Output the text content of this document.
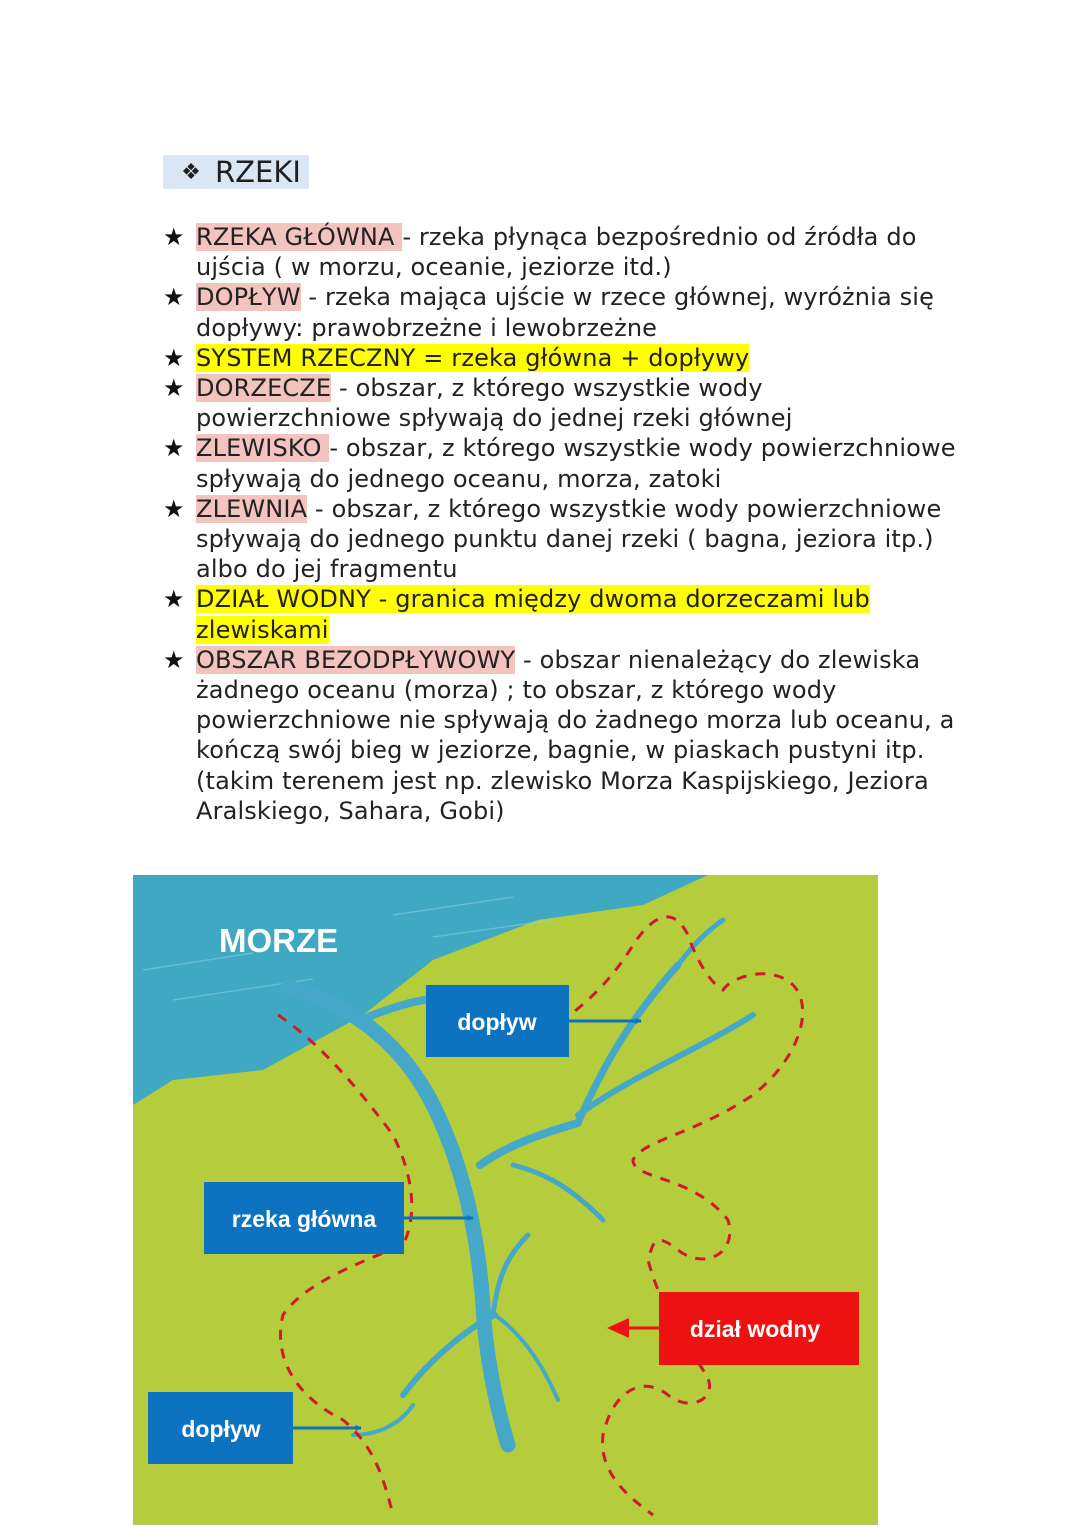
❖ RZEKI
★ RZEKA GŁÓWNA - rzeka płynąca bezpośrednio od źródła do ujścia ( w morzu, oceanie, jeziorze itd.)
★ DOPŁYW - rzeka mająca ujście w rzece głównej, wyróżnia się dopływy: prawobrzeżne i lewobrzeżne
★ SYSTEM RZECZNY = rzeka główna + dopływy
★ DORZECZE - obszar, z którego wszystkie wody powierzchniowe spływają do jednej rzeki głównej
★ ZLEWISKO - obszar, z którego wszystkie wody powierzchniowe spływają do jednego oceanu, morza, zatoki
★ ZLEWNIA - obszar, z którego wszystkie wody powierzchniowe spływają do jednego punktu danej rzeki ( bagna, jeziora itp.) albo do jej fragmentu
★ DZIAŁ WODNY - granica między dwoma dorzeczami lub zlewiskami
★ OBSZAR BEZODPŁYWOWY - obszar nienależący do zlewiska żadnego oceanu (morza) ; to obszar, z którego wody powierzchniowe nie spływają do żadnego morza lub oceanu, a kończą swój bieg w jeziorze, bagnie, w piaskach pustyni itp. (takim terenem jest np. zlewisko Morza Kaspijskiego, Jeziora Aralskiego, Sahara, Gobi)
MORZE
dopływ
rzeka główna
dział wodny
dopływ
